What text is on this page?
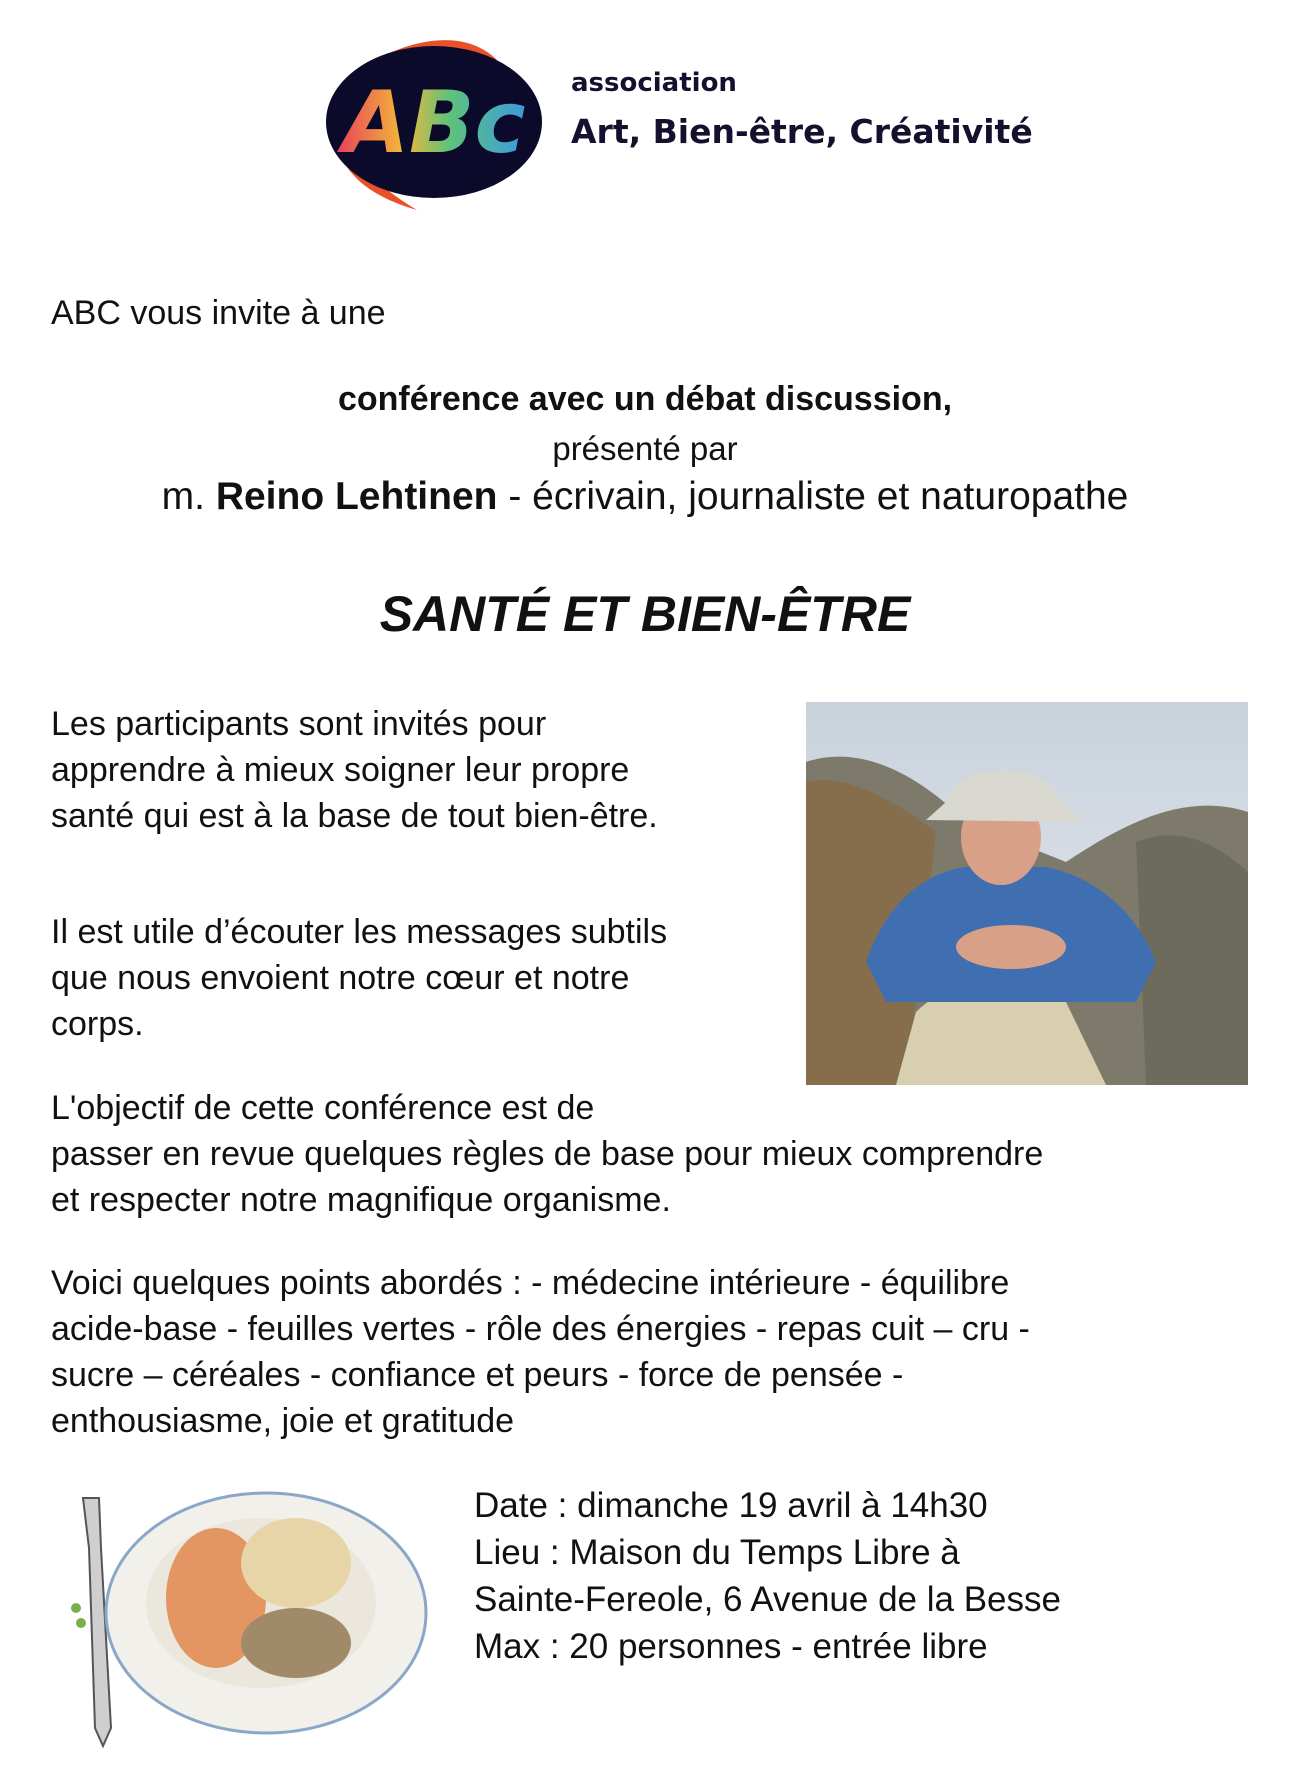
ABc association
Art, Bien-être, Créativité
ABC vous invite à une
conférence avec un débat discussion,
présenté par
m. Reino Lehtinen - écrivain, journaliste et naturopathe
SANTÉ ET BIEN-ÊTRE
Les participants sont invités pour
apprendre à mieux soigner leur propre
santé qui est à la base de tout bien-être.
Il est utile d’écouter les messages subtils
que nous envoient notre cœur et notre
corps.
L'objectif de cette conférence est de
passer en revue quelques règles de base pour mieux comprendre
et respecter notre magnifique organisme.
Voici quelques points abordés : - médecine intérieure - équilibre
acide-base - feuilles vertes - rôle des énergies - repas cuit – cru -
sucre – céréales - confiance et peurs - force de pensée -
enthousiasme, joie et gratitude
Date : dimanche 19 avril à 14h30
Lieu : Maison du Temps Libre à
Sainte-Fereole, 6 Avenue de la Besse
Max : 20 personnes - entrée libre
